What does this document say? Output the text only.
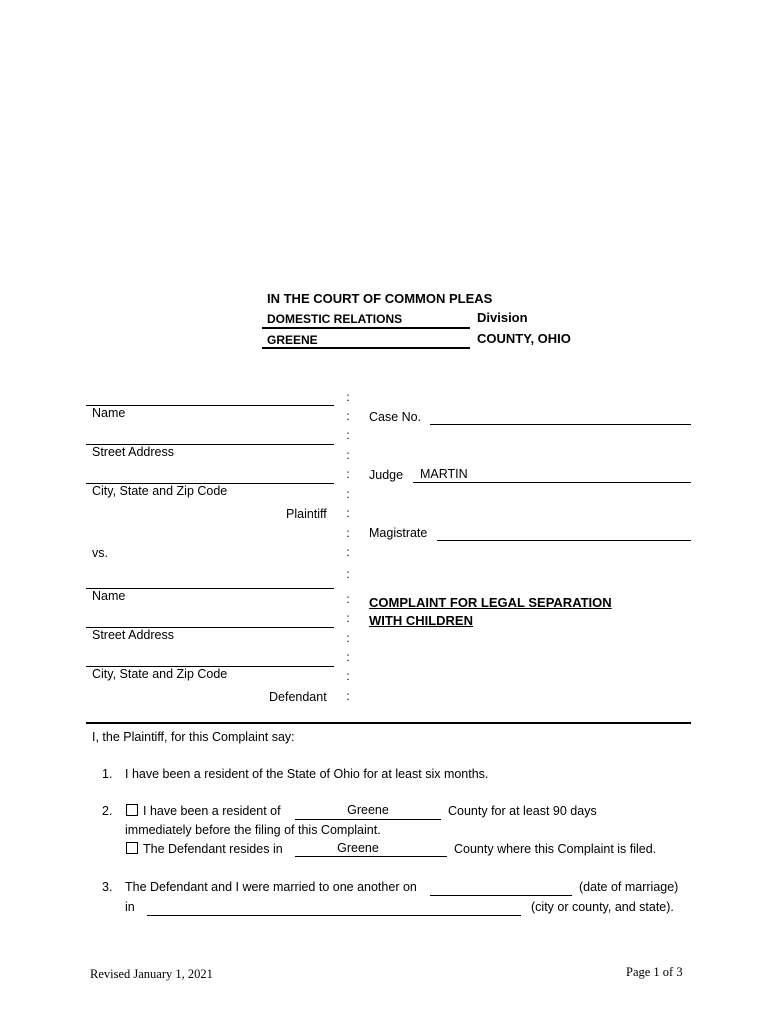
IN THE COURT OF COMMON PLEAS
DOMESTIC RELATIONS	Division
GREENE	COUNTY, OHIO
Name
Street Address
City, State and Zip Code
Plaintiff
vs.
Name
Street Address
City, State and Zip Code
Defendant
:
:
:
:
:
:
:
:
:
:
:
:
:
:
:
:
Case No.
Judge	MARTIN
Magistrate
COMPLAINT FOR LEGAL SEPARATION
WITH CHILDREN
I, the Plaintiff, for this Complaint say:
1. I have been a resident of the State of Ohio for at least six months.
2. I have been a resident of	Greene	County for at least 90 days
immediately before the filing of this Complaint.
The Defendant resides in	Greene	County where this Complaint is filed.
3. The Defendant and I were married to one another on	(date of marriage)
in	(city or county, and state).
Revised January 1, 2021	Page 1 of 3
